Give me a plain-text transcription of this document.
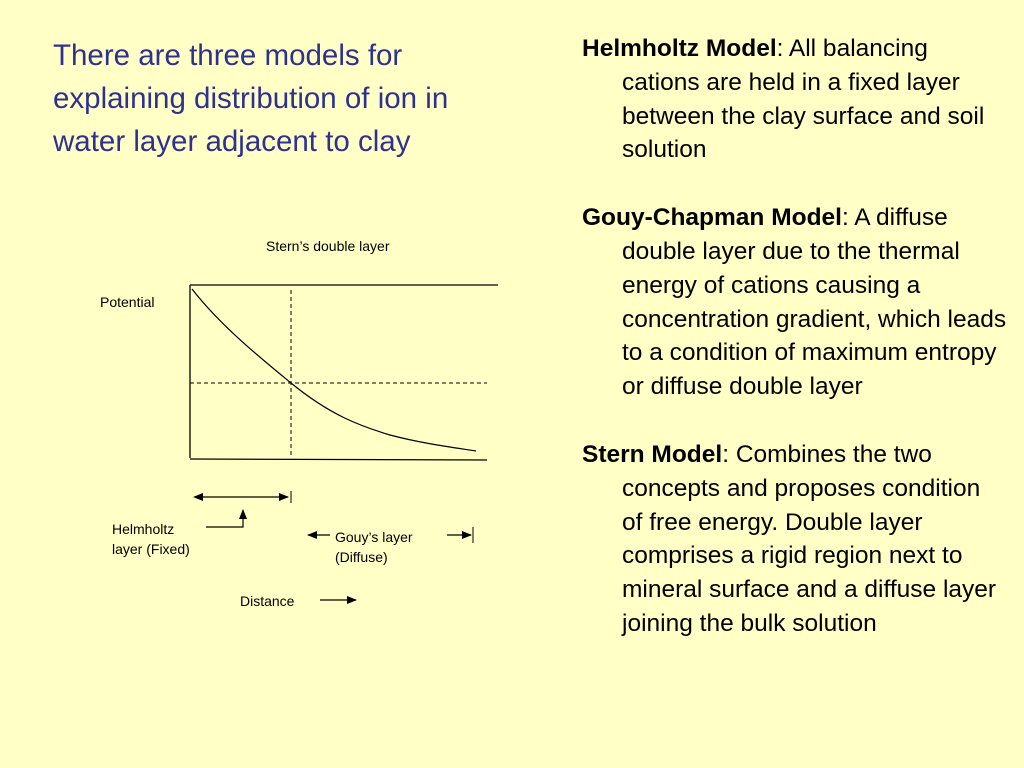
There are three models for explaining distribution of ion in water layer adjacent to clay
Helmholtz Model: All balancing cations are held in a fixed layer between the clay surface and soil solution
Gouy-Chapman Model: A diffuse double layer due to the thermal energy of cations causing a concentration gradient, which leads to a condition of maximum entropy or diffuse double layer
Stern Model: Combines the two concepts and proposes condition of free energy. Double layer comprises a rigid region next to mineral surface and a diffuse layer joining the bulk solution
Stern’s double layer
Potential
Helmholtz
layer (Fixed)
Gouy’s layer
(Diffuse)
Distance
